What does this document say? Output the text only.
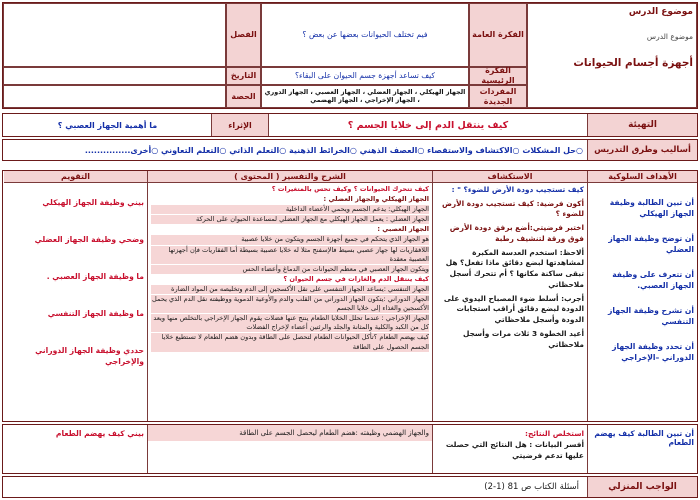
موضوع الدرس
موضوع الدرس
أجهزة أجسام الحيوانات
الفكرة العامة
فيم تختلف الحيوانات بعضها عن بعض ؟
الفصل
الفكرة الرئيسية
كيف تساعد أجهزة جسم الحيوان على البقاء؟
التاريخ
المفردات الجديدة
الجهاز الهيكلي ، الجهاز العضلي ، الجهاز العصبي ، الجهاز الدوري ، الجهاز الإخراجي ، الجهاز الهضمي
الحصة
التهيئة
كيف ينتقل الدم إلى خلايا الجسم ؟
الإثراء
ما أهمية الجهاز العصبي ؟
أساليب وطرق التدريس
○حل المشكلات ○الاكتشاف والاستقصاء ○العصف الذهني ○الخرائط الذهنية ○التعلم الذاتي ○التعلم التعاوني ○أخرى...............
الأهداف السلوكية

أن تبين الطالبة وظيفة الجهاز الهيكلي

أن توضح وظيفة الجهاز العضلي

أن تتعرف على وظيفة الجهاز العصبي.

أن تشرح وظيفة الجهاز التنفسي

أن تحدد وظيفة الجهاز الدوراني –الإخراجي

الاستكشاف

كيف تستجيب دودة الأرض للضوء؟ " :

أكون فرضية: كيف تستجيب دودة الأرض للضوء ؟

اختبر فرضيتي:أضع برفق دودة الأرض فوق ورقة لتنشيف رطبة

ألاحظ: استخدم العدسة المكبرة لمشاهدتها لبضع دقائق ماذا تفعل؟ هل تبقى ساكنة مكانها ؟ أم تتحرك أسجل ملاحظاتي

أجرب: أسلط ضوء المصباح اليدوي على الدودة لبضع دقائق أراقب استجابات الدودة وأسجل ملاحظاتي

أعيد الخطوة 3 ثلاث مرات وأسجل ملاحظاتي

الشرح والتفسير ( المحتوى )

كيف تتحرك الحيوانات ؟ وكيف تحس بالمتغيرات ؟

الجهاز الهيكلي والجهاز العضلي :

الجهاز الهيكلي: يدعم الجسم ويحمي الأعضاء الداخلية

الجهاز العضلي : يعمل الجهاز الهيكلي مع الجهاز العضلي لمساعدة الحيوان على الحركة

الجهاز العصبي :

هو الجهاز الذي يتحكم في جميع أجهزة الجسم ويتكون من خلايا عصبية

اللافقاريات لها جهاز عصبي بسيط فالإسفنج مثلا له خلايا عصبية بسيطة أما الفقاريات فإن أجهزتها العصبية معقدة

ويتكون الجهاز العصبي في معظم الحيوانات من الدماغ وأعضاء الحس

كيف ينتقل الدم والغازات في جسم الحيوان ؟

الجهاز التنفسي :يساعد الجهاز التنفسي على نقل الأكسجين إلى الدم وتخليصه من المواد الضارة

الجهاز الدوراني :يتكون الجهاز الدوراني من القلب والدم والأوعية الدموية ووظيفته نقل الدم الذي يحمل الأكسجين والغذاء إلى خلايا الجسم

الجهاز الإخراجي : عندما تحلل الخلايا الطعام ينتج عنها فضلات يقوم الجهاز الإخراجي بالتخلص منها ويعد كل من الكبد والكلية والمثانة والجلد والرئتين أعضاء لإخراج الفضلات

كيف يهضم الطعام ؟تأكل الحيوانات الطعام لتحصل على الطاقة وبدون هضم الطعام لا تستطيع خلايا الجسم الحصول على الطاقة

التقويم

بيني وظيفة الجهاز الهيكلي

وضحي وظيفة الجهاز العضلي

ما وظيفة الجهاز العصبي .

ما وظيفة الجهاز التنفسي

حددي وظيفة الجهاز الدوراني والإخراجي

أن تبين الطالبة كيف يهضم الطعام
استخلص النتائج:
أفسر البيانات : هل النتائج التي حصلت عليها تدعم فرضيتي
والجهاز الهضمي وظيفته :هضم الطعام ليحصل الجسم على الطاقة
بيني كيف يهضم الطعام
الواجب المنزلي
أسئلة الكتاب ص 81 (1-2)
